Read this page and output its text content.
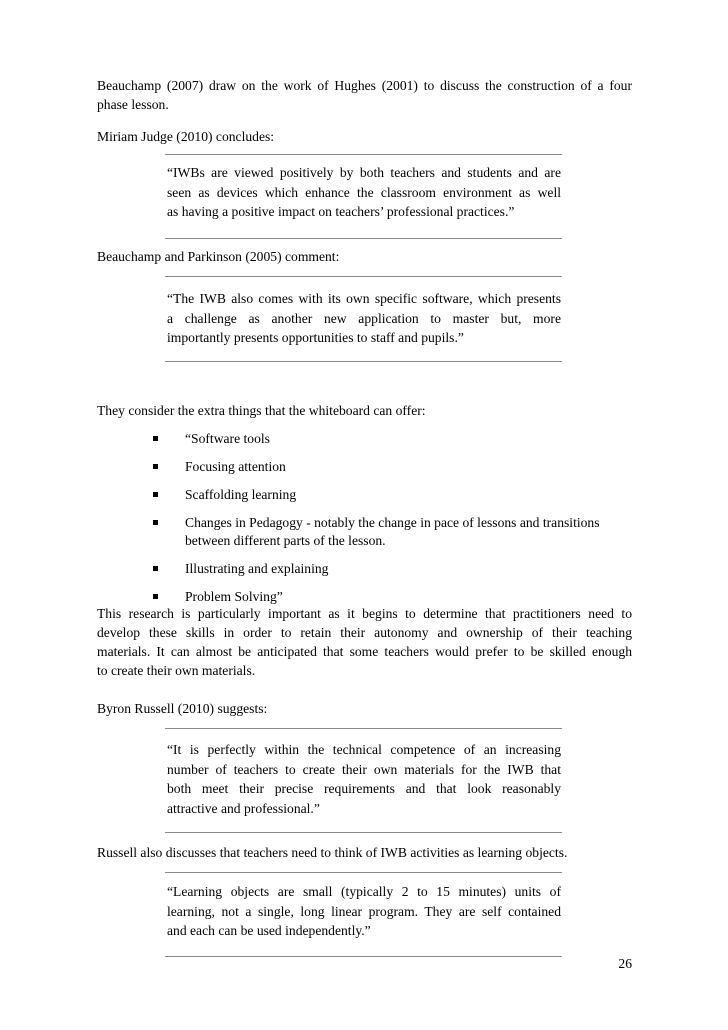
Beauchamp (2007) draw on the work of Hughes (2001) to discuss the construction of a four
phase lesson.
Miriam Judge (2010) concludes:
“IWBs are viewed positively by both teachers and students and are
seen as devices which enhance the classroom environment as well
as having a positive impact on teachers’ professional practices.”
Beauchamp and Parkinson (2005) comment:
“The IWB also comes with its own specific software, which presents
a challenge as another new application to master but, more
importantly presents opportunities to staff and pupils.”
They consider the extra things that the whiteboard can offer:
“Software tools
Focusing attention
Scaffolding learning
Changes in Pedagogy - notably the change in pace of lessons and transitions
between different parts of the lesson.
Illustrating and explaining
Problem Solving”
This research is particularly important as it begins to determine that practitioners need to
develop these skills in order to retain their autonomy and ownership of their teaching
materials. It can almost be anticipated that some teachers would prefer to be skilled enough
to create their own materials.
Byron Russell (2010) suggests:
“It is perfectly within the technical competence of an increasing
number of teachers to create their own materials for the IWB that
both meet their precise requirements and that look reasonably
attractive and professional.”
Russell also discusses that teachers need to think of IWB activities as learning objects.
“Learning objects are small (typically 2 to 15 minutes) units of
learning, not a single, long linear program. They are self contained
and each can be used independently.”
26
